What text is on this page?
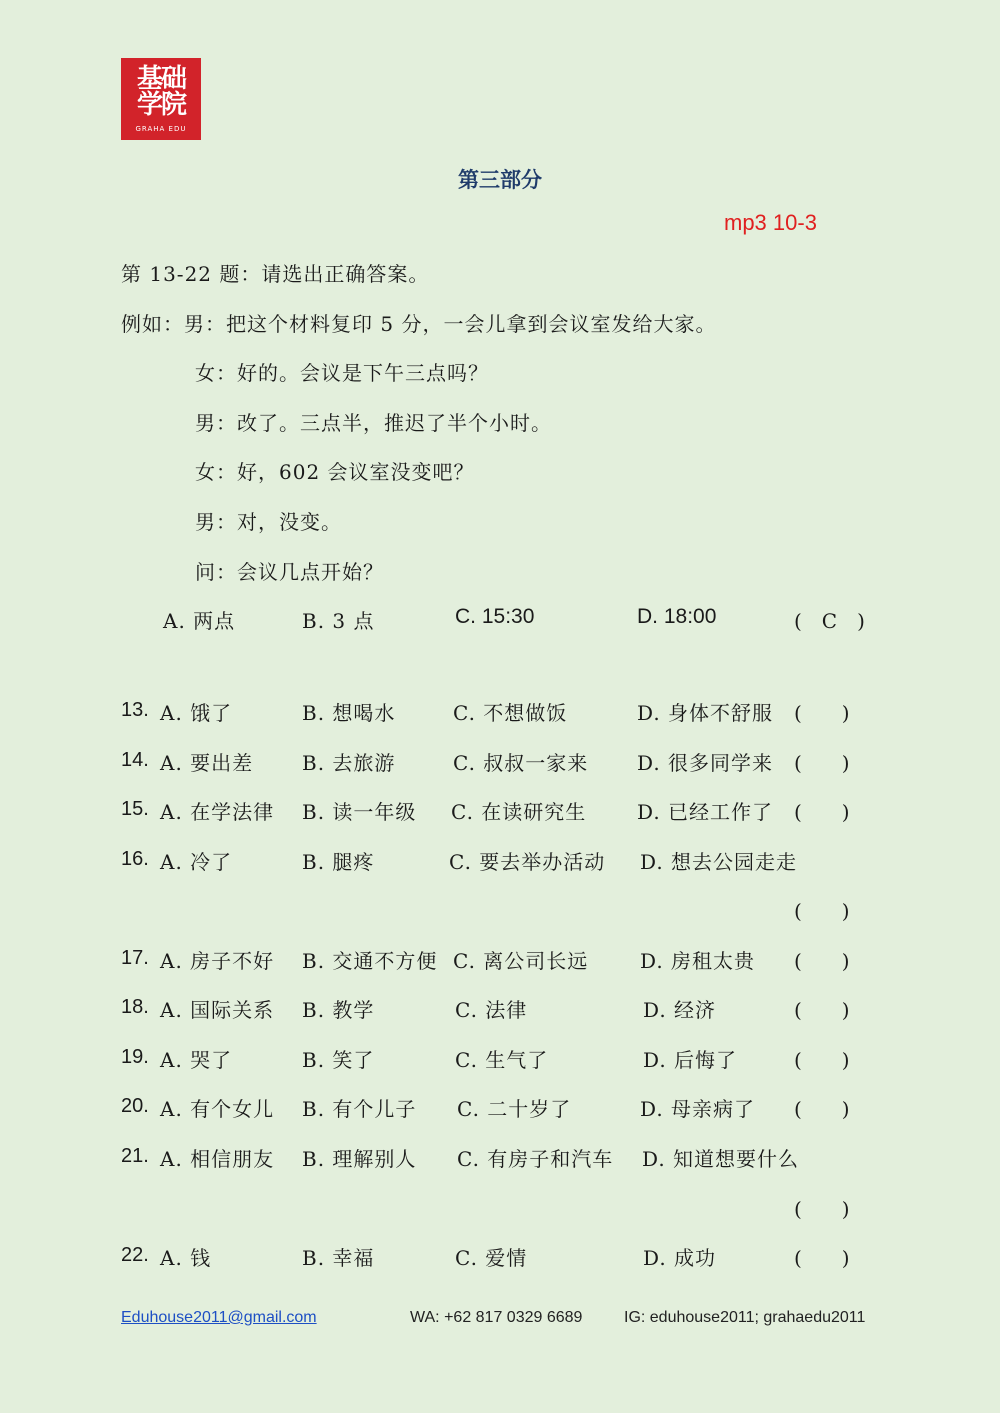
基础 学院
GRAHA EDU
第三部分
mp3 10-3
第 13-22 题：请选出正确答案。
例如：男：把这个材料复印 5 分，一会儿拿到会议室发给大家。
女：好的。会议是下午三点吗？
男：改了。三点半，推迟了半个小时。
女：好，602 会议室没变吧？
男：对，没变。
问：会议几点开始？
A. 两点	B. 3 点	C. 15:30	D. 18:00	(　C　)
13. A. 饿了	B. 想喝水	C. 不想做饭	D. 身体不舒服 (　　)
14. A. 要出差 B. 去旅游	C. 叔叔一家来 D. 很多同学来 (　　)
15. A. 在学法律 B. 读一年级 C. 在读研究生	D. 已经工作了 (　　)
16. A. 冷了	B. 腿疼	C. 要去举办活动 D. 想去公园走走
(　　)
17. A. 房子不好 B. 交通不方便 C. 离公司长远	D. 房租太贵 (　　)
18. A. 国际关系 B. 教学	C. 法律	D. 经济	(　　)
19. A. 哭了	B. 笑了	C. 生气了	D. 后悔了	(　　)
20. A. 有个女儿 B. 有个儿子 C. 二十岁了	D. 母亲病了 (　　)
21. A. 相信朋友 B. 理解别人 C. 有房子和汽车 D. 知道想要什么
(　　)
22. A. 钱	B. 幸福	C. 爱情	D. 成功	(　　)
Eduhouse2011@gmail.com	WA: +62 817 0329 6689	IG: eduhouse2011; grahaedu2011
